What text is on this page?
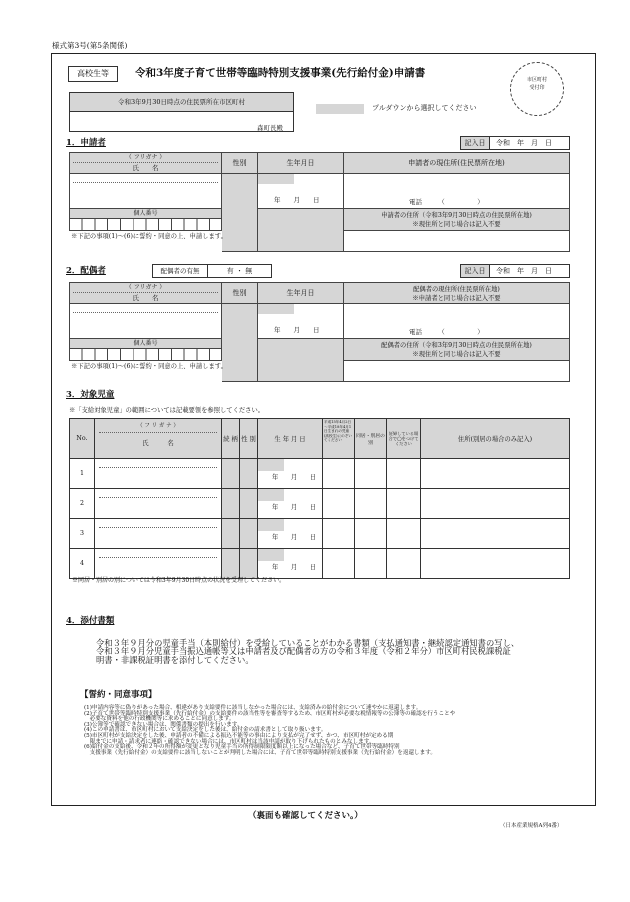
様式第3号(第5条関係)
高校生等	令和3年度子育て世帯等臨時特別支援事業(先行給付金)申請書
市区町村
受付印
令和3年9月30日時点の住民票所在市区町村
森町長殿
プルダウンから選択してください
1．申請者	記入日	令和　年　月　日
（ フリガナ ）
氏　　名
性別	生年月日	申請者の現住所(住民票所在地)
年　　月　　日	電話　　　（　　　　　）
個人番号
※下記の事項(1)～(6)に誓約・同意の上、申請します。
申請者の住所（令和3年9月30日時点の住民票所在地)
※現住所と同じ場合は記入不要
2．配偶者	配偶者の有無	有 ・ 無	記入日	令和　年　月　日
（ フリガナ ）
氏　　名
性別	生年月日	配偶者の現住所(住民票所在地)
※申請者と同じ場合は記入不要
年　　月　　日	電話　　　（　　　　　）
個人番号
※下記の事項(1)～(6)に誓約・同意の上、申請します。
配偶者の住所（令和3年9月30日時点の住民票所在地)
※現住所と同じ場合は記入不要
3．対象児童
※「支給対象児童」の範囲については記載要領を参照してください。
No.	（ フ リ ガ ナ ）
氏　　　名	続 柄	性 別	生 年 月 日	平成15年4月2日～平成18年4月1日生まれの児童(高校生)にのぞいてください	同居・別居の別	妊婦している場合で◯をつけてください	住所(別居の場合のみ記入)
1				年　　月　　日				

2				年　　月　　日				

3				年　　月　　日				

4				年　　月　　日				

※同居・別居の別については令和3年9月30日時点の状況を受理してください。
4．添付書類
令和３年９月分の児童手当（本則給付）を受給していることがわかる書類（支払通知書・継続認定通知書の写し、
令和３年９月分児童手当振込通帳等又は申請者及び配偶者の方の令和３年度（令和２年分）市区町村民税課税証
明書・非課税証明書を添付してください。
【誓約・同意事項】
(1)申請内容等に偽りがあった場合、相違があり支給要件に該当しなかった場合には、支給済みの給付金について速やかに返還します。
(2)子育て世帯等臨時特別支援事業（先行給付金）の支給要件の該当性等を審査等するため、市区町村が必要な税情報等の公簿等の確認を行うことや
　必要な資料を他の行政機関等に求めることに同意します。
(3)公簿等で確認できない場合は、関係書類の提出を行います。
(4)この申請書は、市区町村において支給決定をした後は、給付金の請求書として取り扱います。
(5)市区町村が支給決定をした後、申請者の不備による振込不能等の事由により支払が完了せず、かつ、市区町村が定める期
　限までに申請・請求者に連絡・確認できない場合には、市区町村は当該申請が取り下げられたものとみなします。
(6)給付金の支給後、令和２年の所得額が変更となり児童手当の所得制限限度額以上になった場合など、子育て世帯等臨時特別
　支援事業（先行給付金）の支給要件に該当しないことが判明した場合には、子育て世帯等臨時特別支援事業（先行給付金）を返還します。
（裏面も確認してください。）
（日本産業規格A列4番）
